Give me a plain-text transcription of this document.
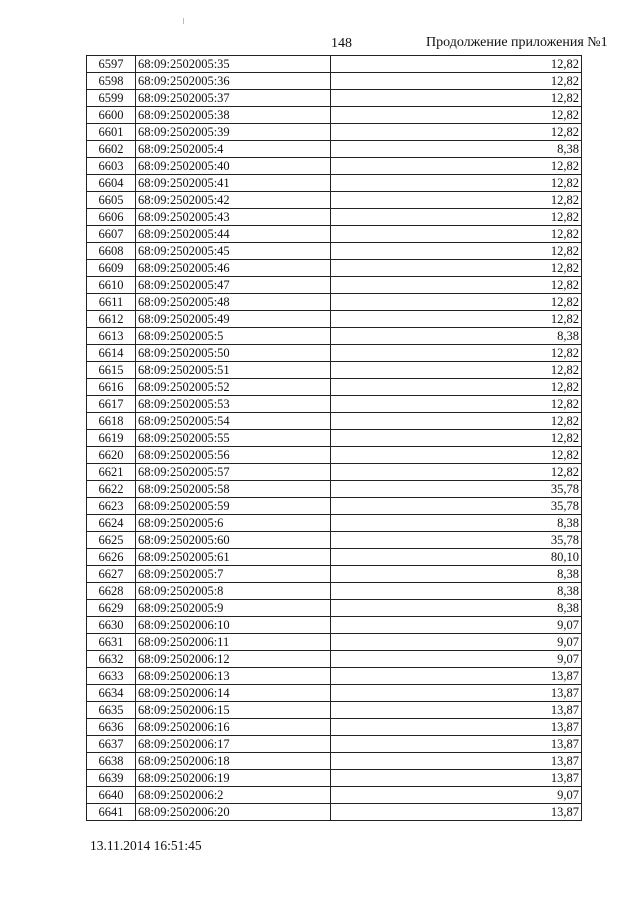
148	Продолжение приложения №1
6597	68:09:2502005:35	12,82
6598	68:09:2502005:36	12,82
6599	68:09:2502005:37	12,82
6600	68:09:2502005:38	12,82
6601	68:09:2502005:39	12,82
6602	68:09:2502005:4	8,38
6603	68:09:2502005:40	12,82
6604	68:09:2502005:41	12,82
6605	68:09:2502005:42	12,82
6606	68:09:2502005:43	12,82
6607	68:09:2502005:44	12,82
6608	68:09:2502005:45	12,82
6609	68:09:2502005:46	12,82
6610	68:09:2502005:47	12,82
6611	68:09:2502005:48	12,82
6612	68:09:2502005:49	12,82
6613	68:09:2502005:5	8,38
6614	68:09:2502005:50	12,82
6615	68:09:2502005:51	12,82
6616	68:09:2502005:52	12,82
6617	68:09:2502005:53	12,82
6618	68:09:2502005:54	12,82
6619	68:09:2502005:55	12,82
6620	68:09:2502005:56	12,82
6621	68:09:2502005:57	12,82
6622	68:09:2502005:58	35,78
6623	68:09:2502005:59	35,78
6624	68:09:2502005:6	8,38
6625	68:09:2502005:60	35,78
6626	68:09:2502005:61	80,10
6627	68:09:2502005:7	8,38
6628	68:09:2502005:8	8,38
6629	68:09:2502005:9	8,38
6630	68:09:2502006:10	9,07
6631	68:09:2502006:11	9,07
6632	68:09:2502006:12	9,07
6633	68:09:2502006:13	13,87
6634	68:09:2502006:14	13,87
6635	68:09:2502006:15	13,87
6636	68:09:2502006:16	13,87
6637	68:09:2502006:17	13,87
6638	68:09:2502006:18	13,87
6639	68:09:2502006:19	13,87
6640	68:09:2502006:2	9,07
6641	68:09:2502006:20	13,87
13.11.2014 16:51:45
